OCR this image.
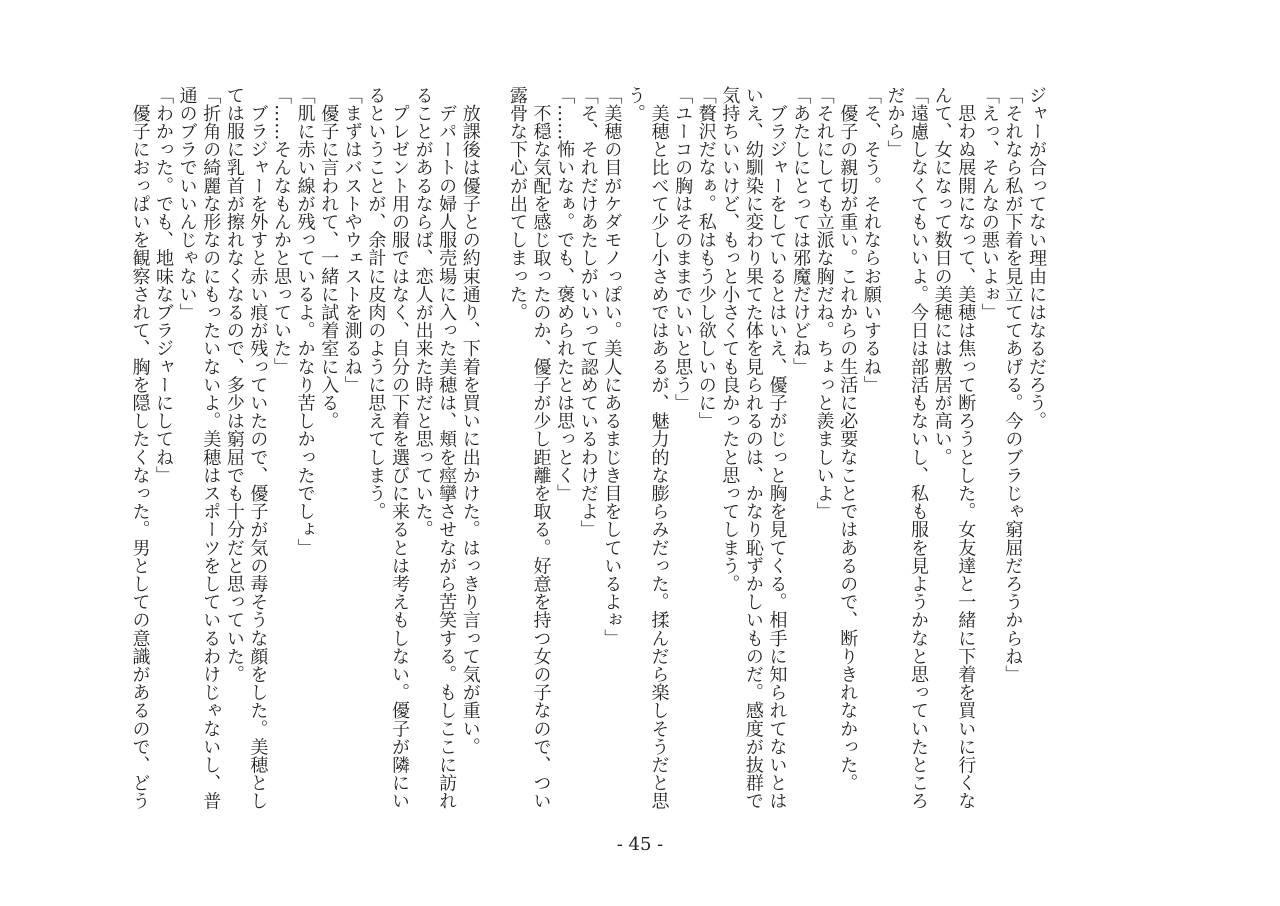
ジャーが合ってない理由にはなるだろう。
「それなら私が下着を見立ててあげる。今のブラじゃ窮屈だろうからね」
「えっ、そんなの悪いよぉ」
　思わぬ展開になって、美穂は焦って断ろうとした。女友達と一緒に下着を買いに行くな
んて、女になって数日の美穂には敷居が高い。
「遠慮しなくてもいいよ。今日は部活もないし、私も服を見ようかなと思っていたところ
だから」
「そ、そう。それならお願いするね」
　優子の親切が重い。これからの生活に必要なことではあるので、断りきれなかった。
「それにしても立派な胸だね。ちょっと羨ましいよ」
「あたしにとっては邪魔だけどね」
　ブラジャーをしているとはいえ、優子がじっと胸を見てくる。相手に知られてないとは
いえ、幼馴染に変わり果てた体を見られるのは、かなり恥ずかしいものだ。感度が抜群で
気持ちいいけど、もっと小さくても良かったと思ってしまう。
「贅沢だなぁ。私はもう少し欲しいのに」
「ユーコの胸はそのままでいいと思う」
　美穂と比べて少し小さめではあるが、魅力的な膨らみだった。揉んだら楽しそうだと思
う。
「美穂の目がケダモノっぽい。美人にあるまじき目をしているよぉ」
「そ、それだけあたしがいいって認めているわけだよ」
「……怖いなぁ。でも、褒められたとは思っとく」
　不穏な気配を感じ取ったのか、優子が少し距離を取る。好意を持つ女の子なので、つい
露骨な下心が出てしまった。
　放課後は優子との約束通り、下着を買いに出かけた。はっきり言って気が重い。
　デパートの婦人服売場に入った美穂は、頬を痙攣させながら苦笑する。もしここに訪れ
ることがあるならば、恋人が出来た時だと思っていた。
　プレゼント用の服ではなく、自分の下着を選びに来るとは考えもしない。優子が隣にい
るということが、余計に皮肉のように思えてしまう。
「まずはバストやウェストを測るね」
　優子に言われて、一緒に試着室に入る。
「肌に赤い線が残っているよ。かなり苦しかったでしょ」
「……そんなもんかと思っていた」
　ブラジャーを外すと赤い痕が残っていたので、優子が気の毒そうな顔をした。美穂とし
ては服に乳首が擦れなくなるので、多少は窮屈でも十分だと思っていた。
「折角の綺麗な形なのにもったいないよ。美穂はスポーツをしているわけじゃないし、普
通のブラでいいんじゃない」
「わかった。でも、地味なブラジャーにしてね」
　優子におっぱいを観察されて、胸を隠したくなった。男としての意識があるので、どう
- 45 -
